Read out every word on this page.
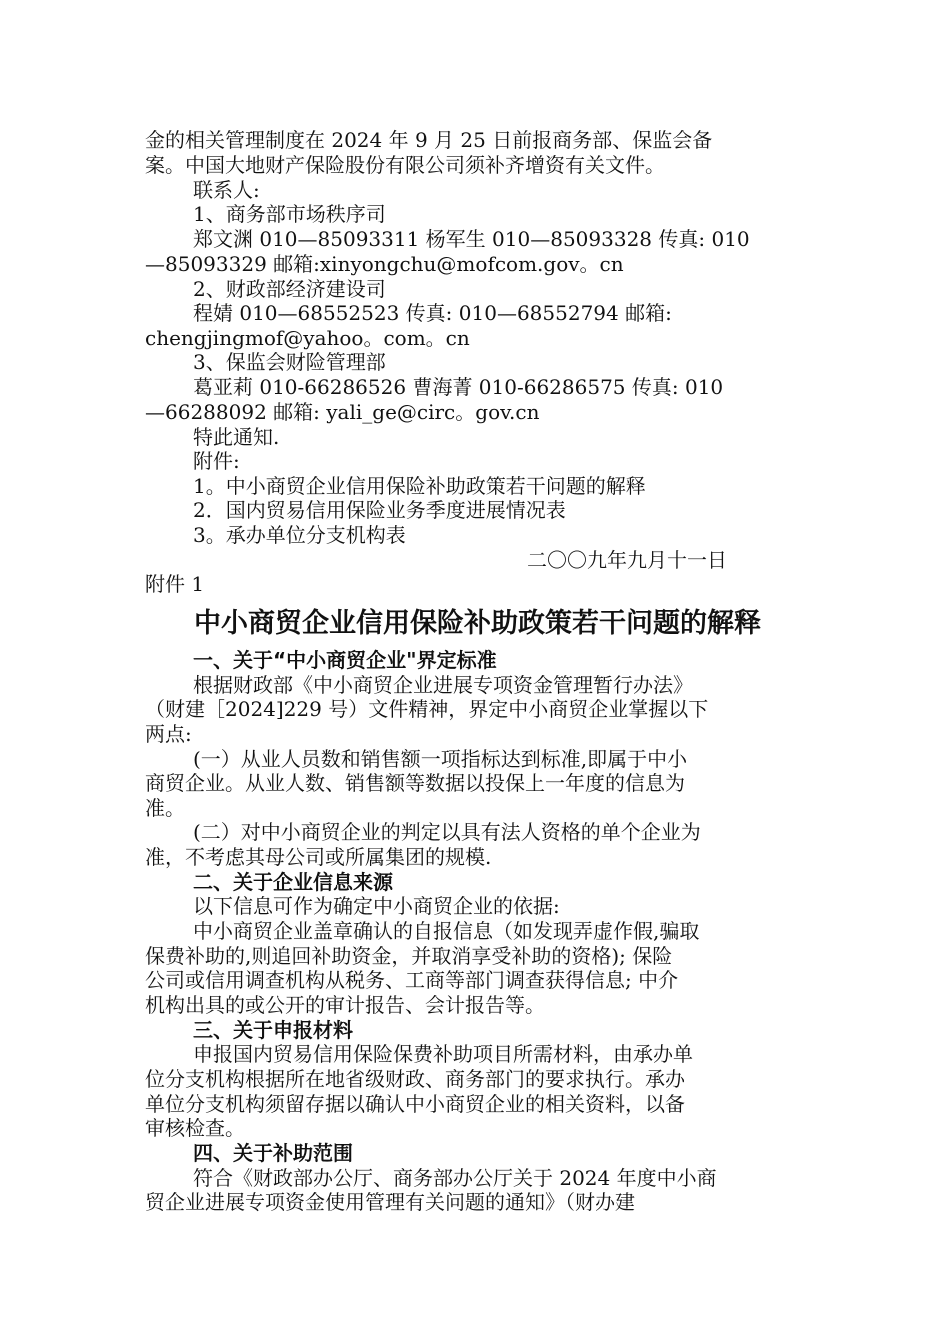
金的相关管理制度在 2024 年 9 月 25 日前报商务部、保监会备
案。中国大地财产保险股份有限公司须补齐增资有关文件。
联系人:
1、商务部市场秩序司
郑文渊 010—85093311 杨军生 010—85093328 传真: 010
—85093329 邮箱:xinyongchu@mofcom.gov。cn
2、财政部经济建设司
程婧 010—68552523 传真: 010—68552794 邮箱:
chengjingmof@yahoo。com。cn
3、保监会财险管理部
葛亚莉 010-66286526 曹海菁 010-66286575 传真: 010
—66288092 邮箱: yali_ge@circ。gov.cn
特此通知.
附件:
1。中小商贸企业信用保险补助政策若干问题的解释
2．国内贸易信用保险业务季度进展情况表
3。承办单位分支机构表
二〇〇九年九月十一日
附件 1
中小商贸企业信用保险补助政策若干问题的解释
一、关于“中小商贸企业"界定标准
根据财政部《中小商贸企业进展专项资金管理暂行办法》
（财建［2024]229 号）文件精神，界定中小商贸企业掌握以下
两点:
(一）从业人员数和销售额一项指标达到标准,即属于中小
商贸企业。从业人数、销售额等数据以投保上一年度的信息为
准。
(二）对中小商贸企业的判定以具有法人资格的单个企业为
准，不考虑其母公司或所属集团的规模.
二、关于企业信息来源
以下信息可作为确定中小商贸企业的依据:
中小商贸企业盖章确认的自报信息（如发现弄虚作假,骗取
保费补助的,则追回补助资金，并取消享受补助的资格); 保险
公司或信用调查机构从税务、工商等部门调查获得信息; 中介
机构出具的或公开的审计报告、会计报告等。
三、关于申报材料
申报国内贸易信用保险保费补助项目所需材料，由承办单
位分支机构根据所在地省级财政、商务部门的要求执行。承办
单位分支机构须留存据以确认中小商贸企业的相关资料，以备
审核检查。
四、关于补助范围
符合《财政部办公厅、商务部办公厅关于 2024 年度中小商
贸企业进展专项资金使用管理有关问题的通知》（财办建
